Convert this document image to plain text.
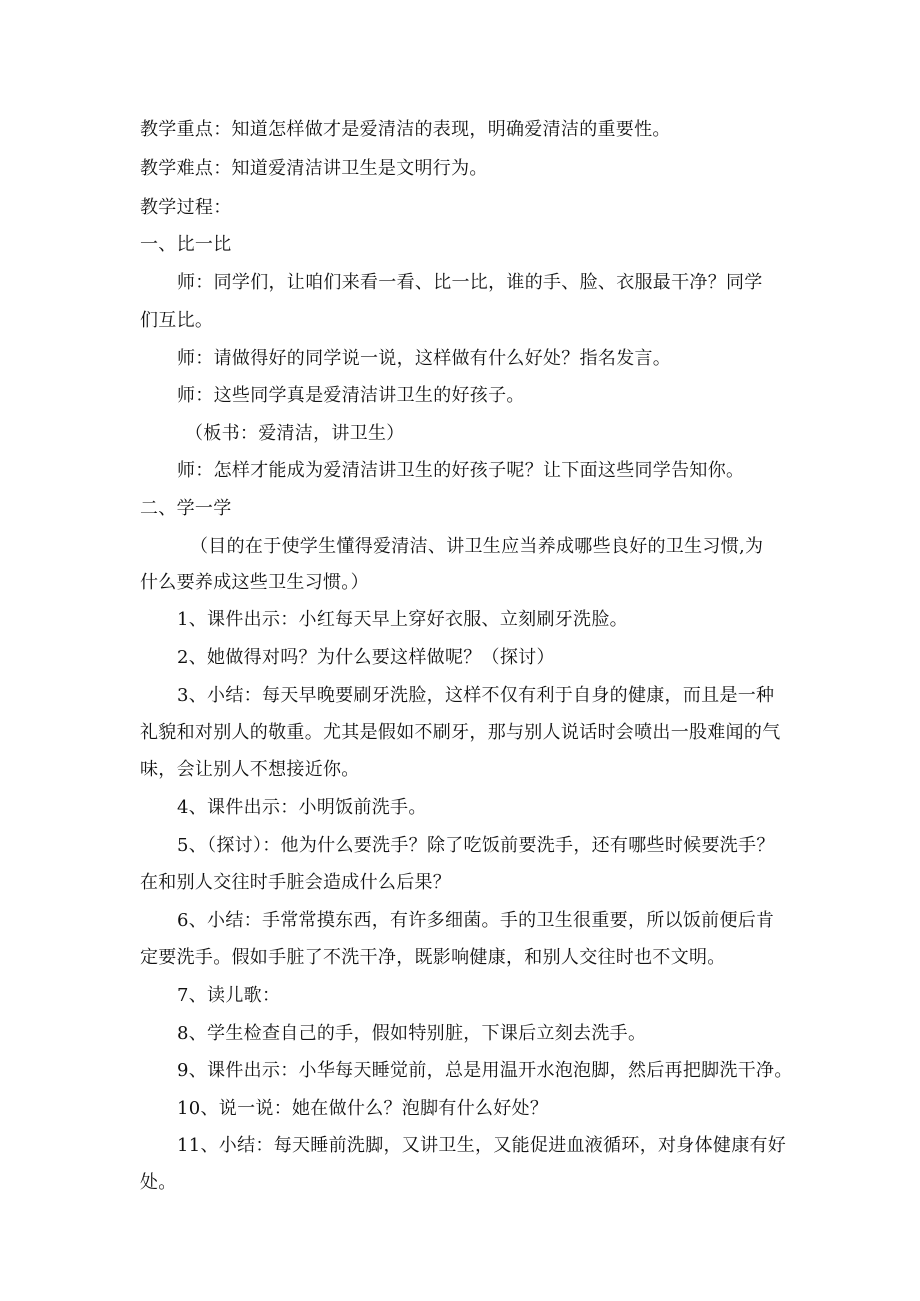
教学重点：知道怎样做才是爱清洁的表现，明确爱清洁的重要性。
教学难点：知道爱清洁讲卫生是文明行为。
教学过程：
一、比一比
师：同学们，让咱们来看一看、比一比，谁的手、脸、衣服最干净？同学
们互比。
师：请做得好的同学说一说，这样做有什么好处？指名发言。
师：这些同学真是爱清洁讲卫生的好孩子。
（板书：爱清洁，讲卫生）
师：怎样才能成为爱清洁讲卫生的好孩子呢？让下面这些同学告知你。
二、学一学
（目的在于使学生懂得爱清洁、讲卫生应当养成哪些良好的卫生习惯,为
什么要养成这些卫生习惯。）
1、课件出示：小红每天早上穿好衣服、立刻刷牙洗脸。
2、她做得对吗？为什么要这样做呢？（探讨）
3、小结：每天早晚要刷牙洗脸，这样不仅有利于自身的健康，而且是一种
礼貌和对别人的敬重。尤其是假如不刷牙，那与别人说话时会喷出一股难闻的气
味，会让别人不想接近你。
4、课件出示：小明饭前洗手。
5、（探讨）：他为什么要洗手？除了吃饭前要洗手，还有哪些时候要洗手？
在和别人交往时手脏会造成什么后果？
6、小结：手常常摸东西，有许多细菌。手的卫生很重要，所以饭前便后肯
定要洗手。假如手脏了不洗干净，既影响健康，和别人交往时也不文明。
7、读儿歌：
8、学生检查自己的手，假如特别脏，下课后立刻去洗手。
9、课件出示：小华每天睡觉前，总是用温开水泡泡脚，然后再把脚洗干净。
10、说一说：她在做什么？泡脚有什么好处？
11、小结：每天睡前洗脚，又讲卫生，又能促进血液循环，对身体健康有好
处。
